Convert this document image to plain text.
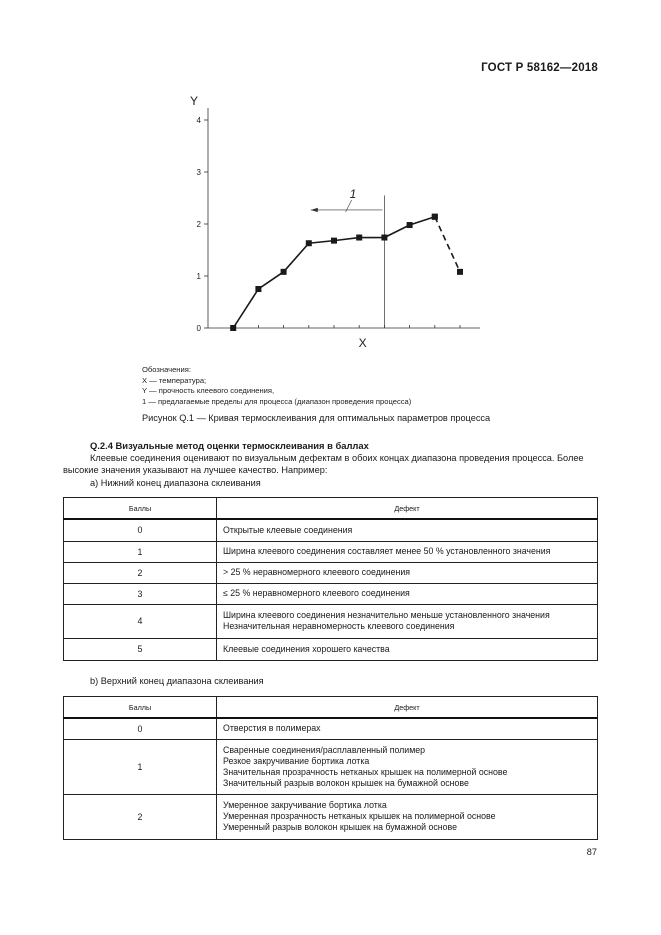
ГОСТ Р 58162—2018
0
1
2
3
4
Y
X
1
Обозначения:
X — температура;
Y — прочность клеевого соединения,
1 — предлагаемые пределы для процесса (диапазон проведения процесса)
Рисунок Q.1 — Кривая термосклеивания для оптимальных параметров процесса
Q.2.4 Визуальные метод оценки термосклеивания в баллах
Клеевые соединения оценивают по визуальным дефектам в обоих концах диапазона проведения процесса. Более высокие значения указывают на лучшее качество. Например:
а) Нижний конец диапазона склеивания
Баллы	Дефект
0	Открытые клеевые соединения

1	Ширина клеевого соединения составляет менее 50 % установленного значения

2	> 25 % неравномерного клеевого соединения

3	≤ 25 % неравномерного клеевого соединения

4	Ширина клеевого соединения незначительно меньше установленного значения
Незначительная неравномерность клеевого соединения

5	Клеевые соединения хорошего качества
b) Верхний конец диапазона склеивания
Баллы	Дефект
0	Отверстия в полимерах

1	Сваренные соединения/расплавленный полимер
Резкое закручивание бортика лотка
Значительная прозрачность нетканых крышек на полимерной основе
Значительный разрыв волокон крышек на бумажной основе

2	Умеренное закручивание бортика лотка
Умеренная прозрачность нетканых крышек на полимерной основе
Умеренный разрыв волокон крышек на бумажной основе
87
